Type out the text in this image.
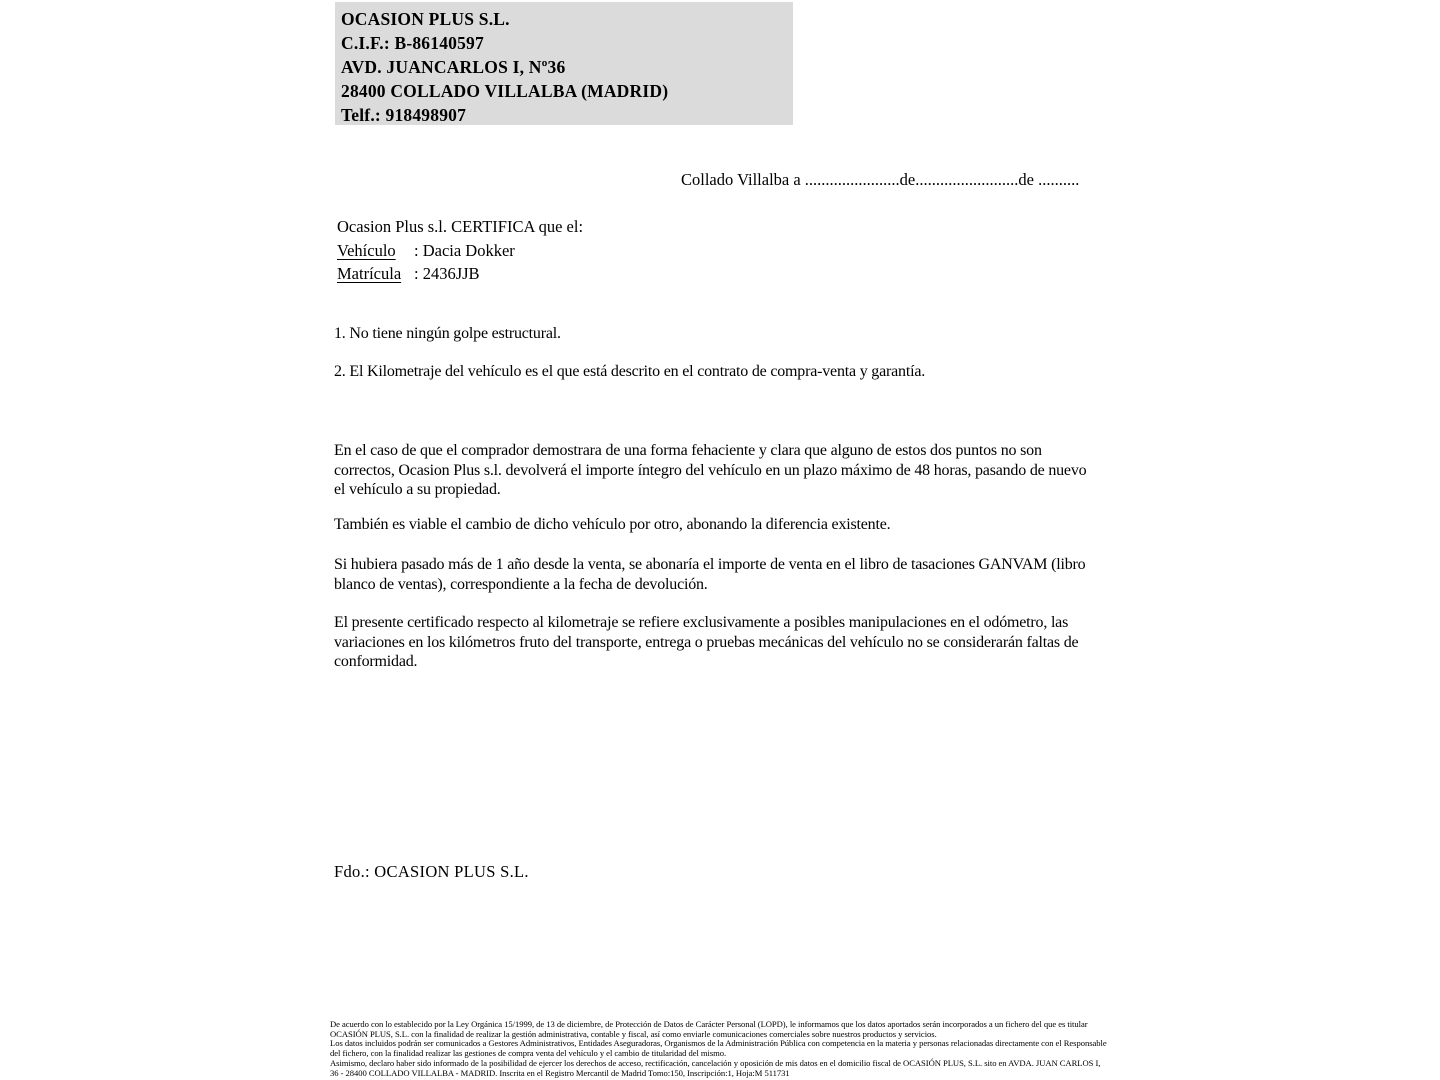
OCASION PLUS S.L.
C.I.F.: B-86140597
AVD. JUANCARLOS I, Nº36
28400 COLLADO VILLALBA (MADRID)
Telf.: 918498907
Collado Villalba a .......................de.........................de ..........
Ocasion Plus s.l. CERTIFICA que el:
Vehículo : Dacia Dokker
Matrícula : 2436JJB
1. No tiene ningún golpe estructural.
2. El Kilometraje del vehículo es el que está descrito en el contrato de compra-venta y garantía.
En el caso de que el comprador demostrara de una forma fehaciente y clara que alguno de estos dos puntos no son correctos, Ocasion Plus s.l. devolverá el importe íntegro del vehículo en un plazo máximo de 48 horas, pasando de nuevo el vehículo a su propiedad.
También es viable el cambio de dicho vehículo por otro, abonando la diferencia existente.
Si hubiera pasado más de 1 año desde la venta, se abonaría el importe de venta en el libro de tasaciones GANVAM (libro blanco de ventas), correspondiente a la fecha de devolución.
El presente certificado respecto al kilometraje se refiere exclusivamente a posibles manipulaciones en el odómetro, las variaciones en los kilómetros fruto del transporte, entrega o pruebas mecánicas del vehículo no se considerarán faltas de conformidad.
Fdo.: OCASION PLUS S.L.

De acuerdo con lo establecido por la Ley Orgánica 15/1999, de 13 de diciembre, de Protección de Datos de Carácter Personal (LOPD), le informamos que los datos aportados serán incorporados a un fichero del que es titular OCASIÓN PLUS, S.L. con la finalidad de realizar la gestión administrativa, contable y fiscal, así como enviarle comunicaciones comerciales sobre nuestros productos y servicios.

Los datos incluidos podrán ser comunicados a Gestores Administrativos, Entidades Aseguradoras, Organismos de la Administración Pública con competencia en la materia y personas relacionadas directamente con el Responsable del fichero, con la finalidad realizar las gestiones de compra venta del vehículo y el cambio de titularidad del mismo.

Asimismo, declaro haber sido informado de la posibilidad de ejercer los derechos de acceso, rectificación, cancelación y oposición de mis datos en el domicilio fiscal de OCASIÓN PLUS, S.L. sito en AVDA. JUAN CARLOS I, 36 - 28400 COLLADO VILLALBA - MADRID. Inscrita en el Registro Mercantil de Madrid Tomo:150, Inscripción:1, Hoja:M 511731
